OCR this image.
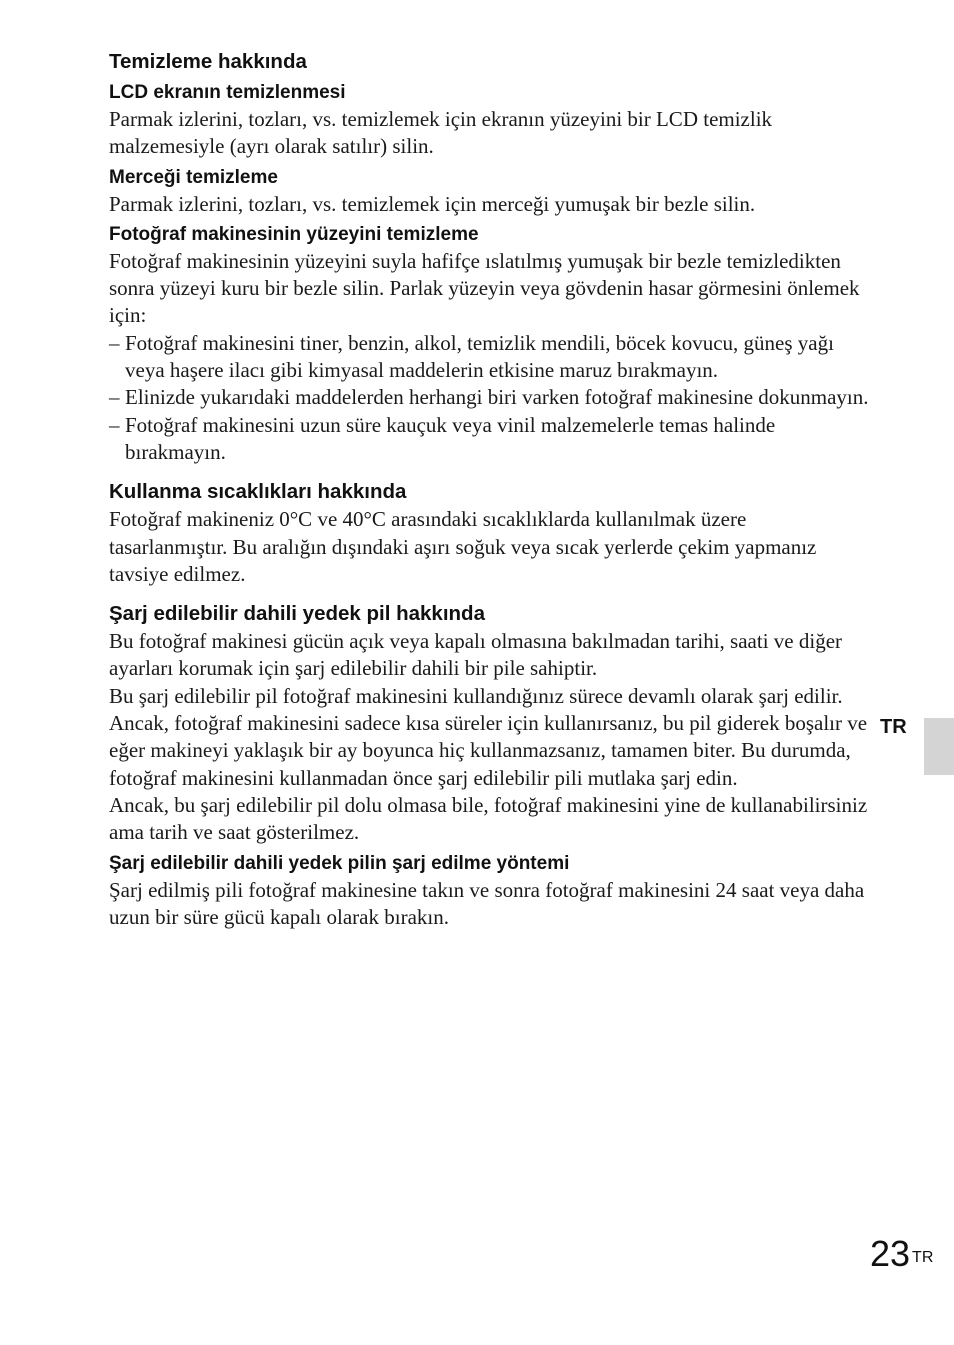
Temizleme hakkında
LCD ekranın temizlenmesi

Parmak izlerini, tozları, vs. temizlemek için ekranın yüzeyini bir LCD temizlik malzemesiyle (ayrı olarak satılır) silin.

Merceği temizleme

Parmak izlerini, tozları, vs. temizlemek için merceği yumuşak bir bezle silin.

Fotoğraf makinesinin yüzeyini temizleme

Fotoğraf makinesinin yüzeyini suyla hafifçe ıslatılmış yumuşak bir bezle temizledikten sonra yüzeyi kuru bir bezle silin. Parlak yüzeyin veya gövdenin hasar görmesini önlemek için:

– Fotoğraf makinesini tiner, benzin, alkol, temizlik mendili, böcek kovucu, güneş yağı veya haşere ilacı gibi kimyasal maddelerin etkisine maruz bırakmayın.
– Elinizde yukarıdaki maddelerden herhangi biri varken fotoğraf makinesine dokunmayın.
– Fotoğraf makinesini uzun süre kauçuk veya vinil malzemelerle temas halinde bırakmayın.
Kullanma sıcaklıkları hakkında

Fotoğraf makineniz 0°C ve 40°C arasındaki sıcaklıklarda kullanılmak üzere tasarlanmıştır. Bu aralığın dışındaki aşırı soğuk veya sıcak yerlerde çekim yapmanız tavsiye edilmez.

Şarj edilebilir dahili yedek pil hakkında

Bu fotoğraf makinesi gücün açık veya kapalı olmasına bakılmadan tarihi, saati ve diğer ayarları korumak için şarj edilebilir dahili bir pile sahiptir.

Bu şarj edilebilir pil fotoğraf makinesini kullandığınız sürece devamlı olarak şarj edilir. Ancak, fotoğraf makinesini sadece kısa süreler için kullanırsanız, bu pil giderek boşalır ve eğer makineyi yaklaşık bir ay boyunca hiç kullanmazsanız, tamamen biter. Bu durumda, fotoğraf makinesini kullanmadan önce şarj edilebilir pili mutlaka şarj edin.

Ancak, bu şarj edilebilir pil dolu olmasa bile, fotoğraf makinesini yine de kullanabilirsiniz ama tarih ve saat gösterilmez.

Şarj edilebilir dahili yedek pilin şarj edilme yöntemi

Şarj edilmiş pili fotoğraf makinesine takın ve sonra fotoğraf makinesini 24 saat veya daha uzun bir süre gücü kapalı olarak bırakın.

TR
23 $^{TR}$
